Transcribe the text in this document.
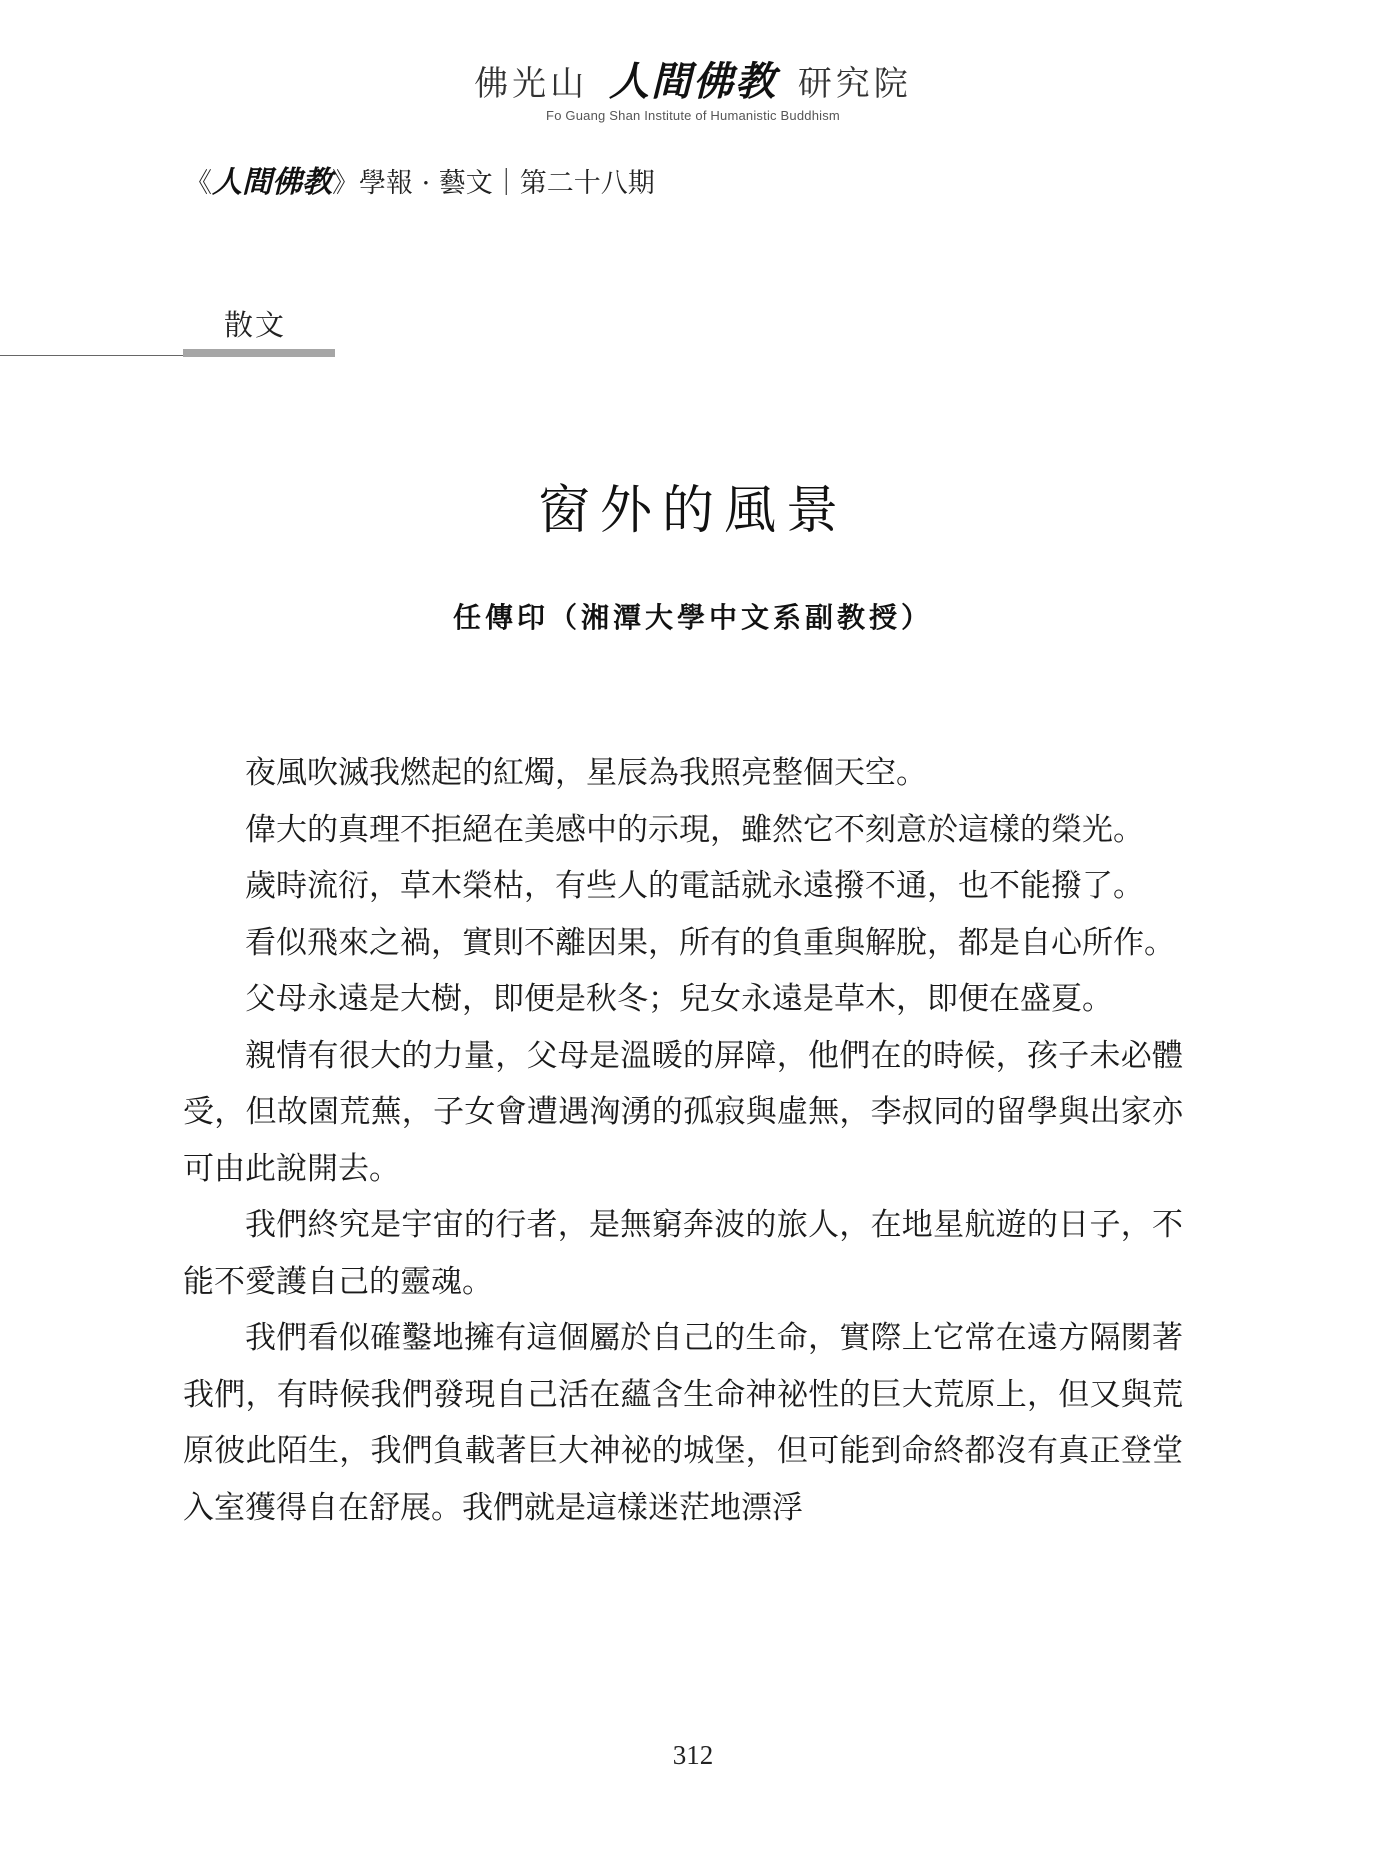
佛光山 人間佛教 研究院
Fo Guang Shan Institute of Humanistic Buddhism
《人間佛教》學報 · 藝文｜第二十八期
散文
窗外的風景
任傳印（湘潭大學中文系副教授）

夜風吹滅我燃起的紅燭，星辰為我照亮整個天空。

偉大的真理不拒絕在美感中的示現，雖然它不刻意於這樣的榮光。

歲時流衍，草木榮枯，有些人的電話就永遠撥不通，也不能撥了。

看似飛來之禍，實則不離因果，所有的負重與解脫，都是自心所作。

父母永遠是大樹，即便是秋冬；兒女永遠是草木，即便在盛夏。

親情有很大的力量，父母是溫暖的屏障，他們在的時候，孩子未必體受，但故園荒蕪，子女會遭遇洶湧的孤寂與虛無，李叔同的留學與出家亦可由此說開去。

我們終究是宇宙的行者，是無窮奔波的旅人，在地星航遊的日子，不能不愛護自己的靈魂。

我們看似確鑿地擁有這個屬於自己的生命，實際上它常在遠方隔閡著我們，有時候我們發現自己活在蘊含生命神祕性的巨大荒原上，但又與荒原彼此陌生，我們負載著巨大神祕的城堡，但可能到命終都沒有真正登堂入室獲得自在舒展。我們就是這樣迷茫地漂浮

312
